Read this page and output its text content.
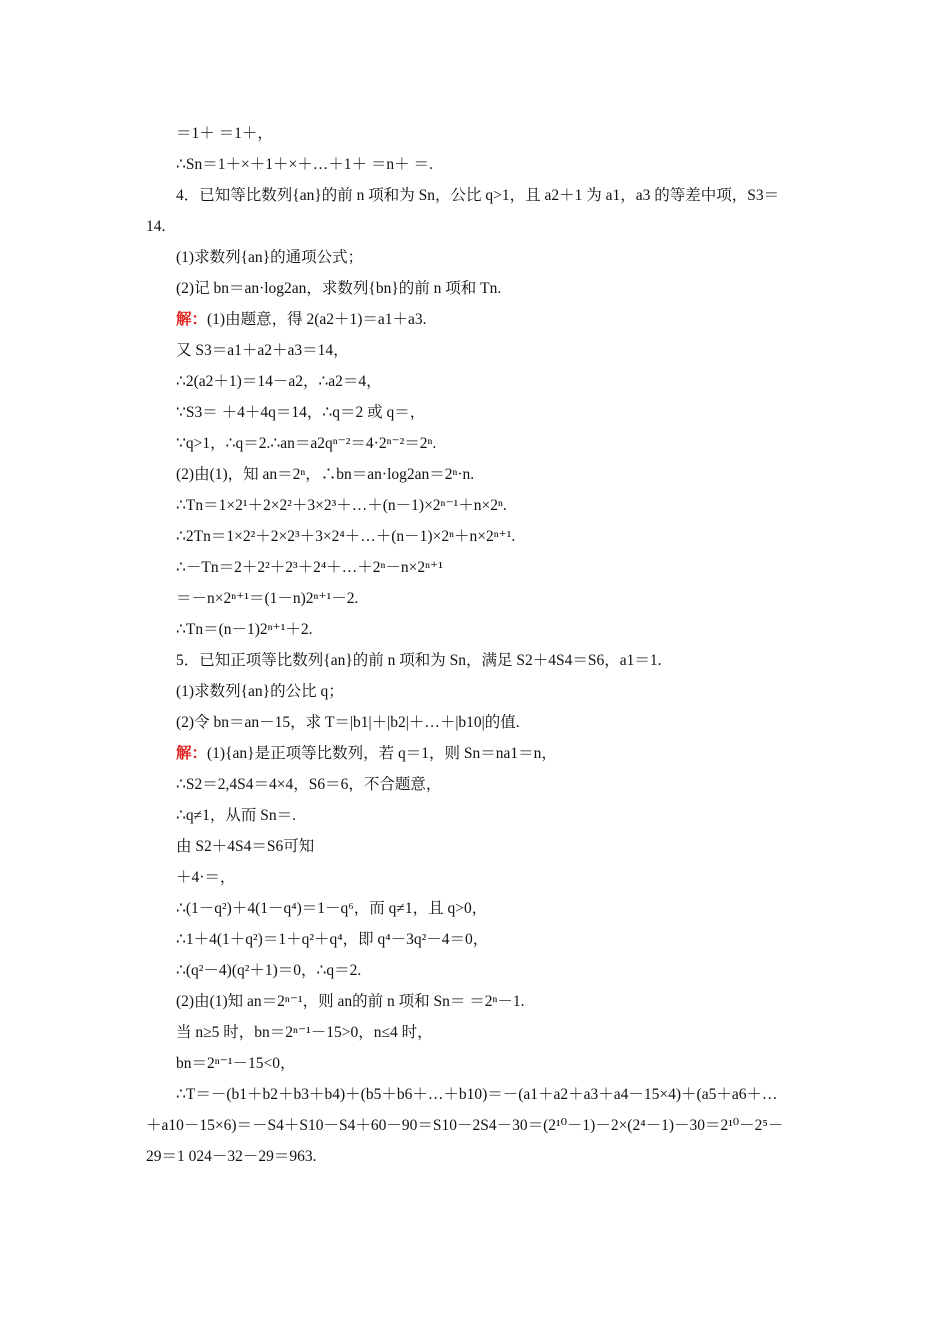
＝1＋ ＝1＋，
∴Sn＝1＋×＋1＋×＋…＋1＋ ＝n＋ ＝.
4．已知等比数列{an}的前 n 项和为 Sn，公比 q>1，且 a2＋1 为 a1，a3 的等差中项，S3＝
14.
(1)求数列{an}的通项公式；
(2)记 bn＝an·log2an，求数列{bn}的前 n 项和 Tn.
解：(1)由题意，得 2(a2＋1)＝a1＋a3.
又 S3＝a1＋a2＋a3＝14，
∴2(a2＋1)＝14－a2，∴a2＝4，
∵S3＝ ＋4＋4q＝14，∴q＝2 或 q＝，
∵q>1，∴q＝2.∴an＝a2qⁿ⁻²＝4·2ⁿ⁻²＝2ⁿ.
(2)由(1)，知 an＝2ⁿ，∴bn＝an·log2an＝2ⁿ·n.
∴Tn＝1×2¹＋2×2²＋3×2³＋…＋(n－1)×2ⁿ⁻¹＋n×2ⁿ.
∴2Tn＝1×2²＋2×2³＋3×2⁴＋…＋(n－1)×2ⁿ＋n×2ⁿ⁺¹.
∴－Tn＝2＋2²＋2³＋2⁴＋…＋2ⁿ－n×2ⁿ⁺¹
＝－n×2ⁿ⁺¹＝(1－n)2ⁿ⁺¹－2.
∴Tn＝(n－1)2ⁿ⁺¹＋2.
5．已知正项等比数列{an}的前 n 项和为 Sn，满足 S2＋4S4＝S6，a1＝1.
(1)求数列{an}的公比 q；
(2)令 bn＝an－15，求 T＝|b1|＋|b2|＋…＋|b10|的值.
解：(1){an}是正项等比数列，若 q＝1，则 Sn＝na1＝n，
∴S2＝2,4S4＝4×4，S6＝6，不合题意，
∴q≠1，从而 Sn＝.
由 S2＋4S4＝S6可知
＋4·＝，
∴(1－q²)＋4(1－q⁴)＝1－q⁶，而 q≠1，且 q>0，
∴1＋4(1＋q²)＝1＋q²＋q⁴，即 q⁴－3q²－4＝0，
∴(q²－4)(q²＋1)＝0，∴q＝2.
(2)由(1)知 an＝2ⁿ⁻¹，则 an的前 n 项和 Sn＝ ＝2ⁿ－1.
当 n≥5 时，bn＝2ⁿ⁻¹－15>0，n≤4 时，
bn＝2ⁿ⁻¹－15<0，
∴T＝－(b1＋b2＋b3＋b4)＋(b5＋b6＋…＋b10)＝－(a1＋a2＋a3＋a4－15×4)＋(a5＋a6＋…
＋a10－15×6)＝－S4＋S10－S4＋60－90＝S10－2S4－30＝(2¹⁰－1)－2×(2⁴－1)－30＝2¹⁰－2⁵－
29＝1 024－32－29＝963.
